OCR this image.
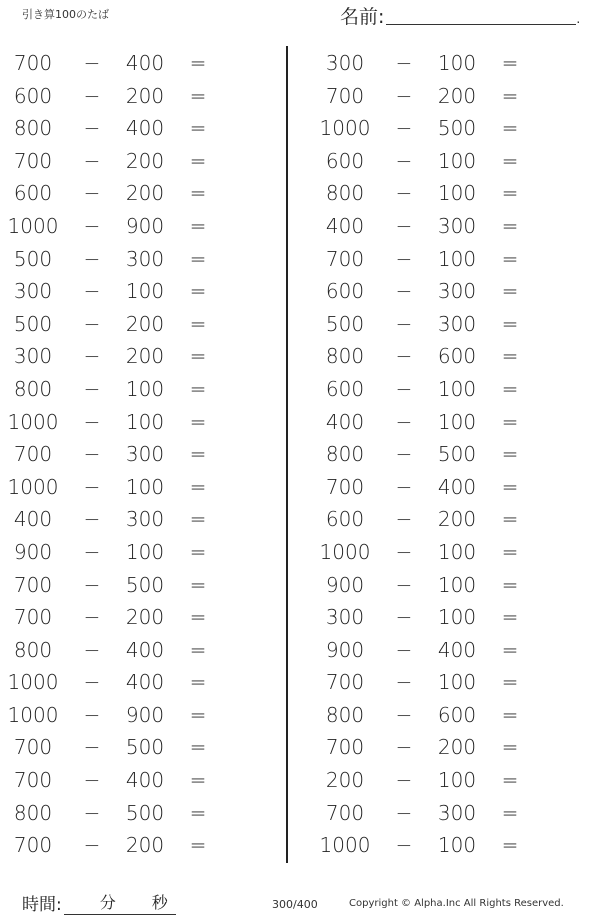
引き算100のたば	名前:	.
700	−	400	=
600	−	200	=
800	−	400	=
700	−	200	=
600	−	200	=
1000	−	900	=
500	−	300	=
300	−	100	=
500	−	200	=
300	−	200	=
800	−	100	=
1000	−	100	=
700	−	300	=
1000	−	100	=
400	−	300	=
900	−	100	=
700	−	500	=
700	−	200	=
800	−	400	=
1000	−	400	=
1000	−	900	=
700	−	500	=
700	−	400	=
800	−	500	=
700	−	200	=
300	−	100	=
700	−	200	=
1000	−	500	=
600	−	100	=
800	−	100	=
400	−	300	=
700	−	100	=
600	−	300	=
500	−	300	=
800	−	600	=
600	−	100	=
400	−	100	=
800	−	500	=
700	−	400	=
600	−	200	=
1000	−	100	=
900	−	100	=
300	−	100	=
900	−	400	=
700	−	100	=
800	−	600	=
700	−	200	=
200	−	100	=
700	−	300	=
1000	−	100	=
時間: 分 秒	300/400	Copyright © Alpha.Inc All Rights Reserved.
